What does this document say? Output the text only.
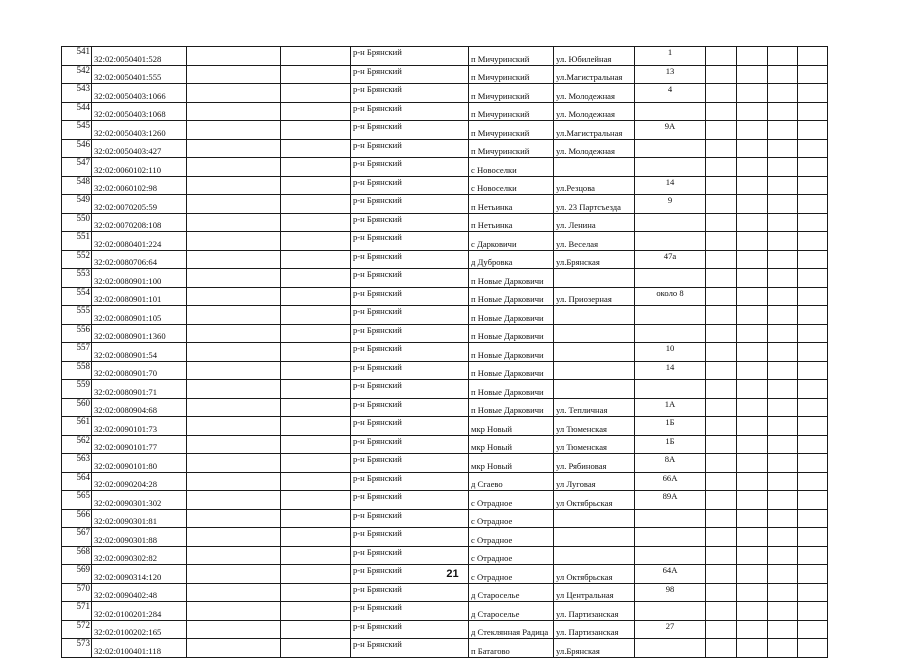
541	32:02:0050401:528			р-н Брянский	п Мичуринский	ул. Юбилейная	1				
542	32:02:0050401:555			р-н Брянский	п Мичуринский	ул.Магистральная	13				
543	32:02:0050403:1066			р-н Брянский	п Мичуринский	ул. Молодежная	4				
544	32:02:0050403:1068			р-н Брянский	п Мичуринский	ул. Молодежная					
545	32:02:0050403:1260			р-н Брянский	п Мичуринский	ул.Магистральная	9А				
546	32:02:0050403:427			р-н Брянский	п Мичуринский	ул. Молодежная					
547	32:02:0060102:110			р-н Брянский	с Новоселки						
548	32:02:0060102:98			р-н Брянский	с Новоселки	ул.Резцова	14				
549	32:02:0070205:59			р-н Брянский	п Нетьинка	ул. 23 Партсъезда	9				
550	32:02:0070208:108			р-н Брянский	п Нетьинка	ул. Ленина					
551	32:02:0080401:224			р-н Брянский	с Дарковичи	ул. Веселая					
552	32:02:0080706:64			р-н Брянский	д Дубровка	ул.Брянская	47а				
553	32:02:0080901:100			р-н Брянский	п Новые Дарковичи						
554	32:02:0080901:101			р-н Брянский	п Новые Дарковичи	ул. Приозерная	около 8				
555	32:02:0080901:105			р-н Брянский	п Новые Дарковичи						
556	32:02:0080901:1360			р-н Брянский	п Новые Дарковичи						
557	32:02:0080901:54			р-н Брянский	п Новые Дарковичи		10				
558	32:02:0080901:70			р-н Брянский	п Новые Дарковичи		14				
559	32:02:0080901:71			р-н Брянский	п Новые Дарковичи						
560	32:02:0080904:68			р-н Брянский	п Новые Дарковичи	ул. Тепличная	1А				
561	32:02:0090101:73			р-н Брянский	мкр Новый	ул Тюменская	1Б				
562	32:02:0090101:77			р-н Брянский	мкр Новый	ул Тюменская	1Б				
563	32:02:0090101:80			р-н Брянский	мкр Новый	ул. Рябиновая	8А				
564	32:02:0090204:28			р-н Брянский	д Сгаево	ул Луговая	66А				
565	32:02:0090301:302			р-н Брянский	с Отрадное	ул Октябрьская	89А				
566	32:02:0090301:81			р-н Брянский	с Отрадное						
567	32:02:0090301:88			р-н Брянский	с Отрадное						
568	32:02:0090302:82			р-н Брянский	с Отрадное						
569	32:02:0090314:120			р-н Брянский	с Отрадное	ул Октябрьская	64А				
570	32:02:0090402:48			р-н Брянский	д Староселье	ул Центральная	98				
571	32:02:0100201:284			р-н Брянский	д Староселье	ул. Партизанская					
572	32:02:0100202:165			р-н Брянский	д Стеклянная Радица	ул. Партизанская	27				
573	32:02:0100401:118			р-н Брянский	п Батагово	ул.Брянская					
21
